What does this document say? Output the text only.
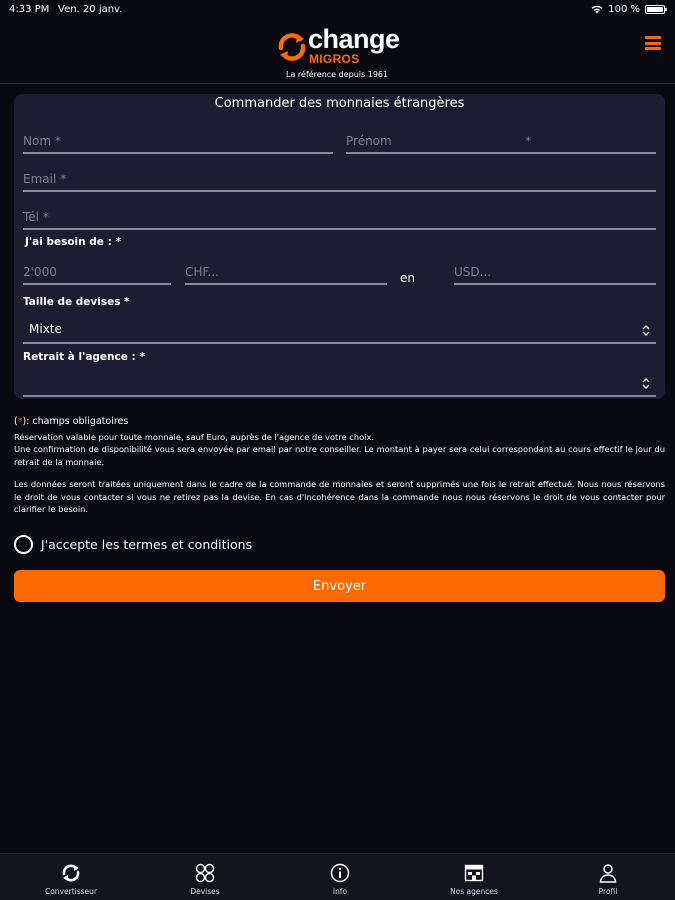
4:33 PM Ven. 20 janv.	100 %
change
MIGROS
La référence depuis 1961
Commander des monnaies étrangères
Nom *
Prénom *
Email *
Tél *
J'ai besoin de : *
2'000
CHF...
en
USD...
Taille de devises *
Mixte
Retrait à l'agence : *
(*): champs obligatoires
Réservation valable pour toute monnaie, sauf Euro, auprès de l'agence de votre choix.
Une confirmation de disponibilité vous sera envoyée par email par notre conseiller. Le montant à payer sera celui correspondant au cours effectif le jour du retrait de la monnaie.
Les données seront traitées uniquement dans le cadre de la commande de monnaies et seront supprimés une fois le retrait effectué. Nous nous réservons le droit de vous contacter si vous ne retirez pas la devise. En cas d'incohérence dans la commande nous nous réservons le droit de vous contacter pour clarifier le besoin.
J'accepte les termes et conditions
Envoyer
Convertisseur	Devises	Info	Nos agences	Profil
